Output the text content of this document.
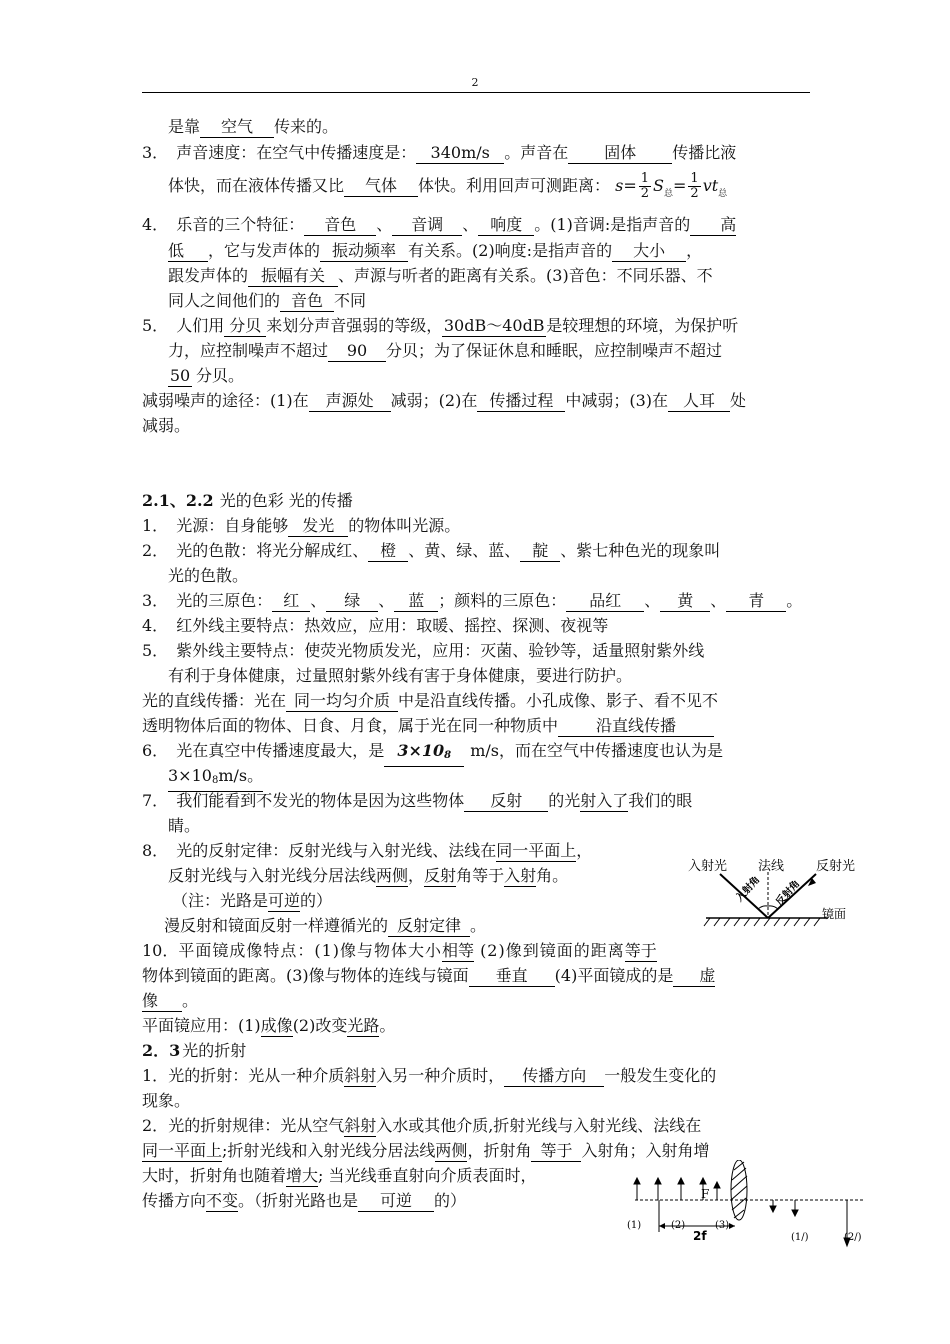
2
是靠 空气 传来的。
3． 声音速度：在空气中传播速度是： 340m/s 。声音在 固体 传播比液
体快，而在液体传播又比 气体 体快。利用回声可测距离： $s= \frac{1}{2} S_总= \frac{1}{2} vt_总$
4． 乐音的三个特征： 音色 、 音调 、 响度 。(1)音调:是指声音的 高
低 ，它与发声体的 振动频率 有关系。(2)响度:是指声音的 大小 ，
跟发声体的 振幅有关 、声源与听者的距离有关系。(3)音色：不同乐器、不
同人之间他们的 音色 不同
5． 人们用 分贝 来划分声音强弱的等级， 30dB～40dB 是较理想的环境，为保护听
力，应控制噪声不超过 90 分贝；为了保证休息和睡眠，应控制噪声不超过
50 分贝。
减弱噪声的途径：(1)在 声源处 减弱；(2)在 传播过程 中减弱；(3)在 人耳 处
减弱。
2.1、2.2 光的色彩 光的传播
1． 光源：自身能够 发光 的物体叫光源。
2． 光的色散：将光分解成红、 橙 、黄、绿、蓝、 靛 、紫七种色光的现象叫
光的色散。
3． 光的三原色： 红 、 绿 、 蓝 ；颜料的三原色： 品红 、 黄 、 青 。
4． 红外线主要特点：热效应，应用：取暖、摇控、探测、夜视等
5． 紫外线主要特点：使荧光物质发光，应用：灭菌、验钞等，适量照射紫外线
有利于身体健康，过量照射紫外线有害于身体健康，要进行防护。
光的直线传播：光在 同一均匀介质 中是沿直线传播。小孔成像、影子、看不见不
透明物体后面的物体、日食、月食，属于光在同一种物质中 沿直线传播
6． 光在真空中传播速度最大，是 3×108 m/s，而在空气中传播速度也认为是
3×108m/s。
7． 我们能看到不发光的物体是因为这些物体 反射 的光射入了我们的眼
睛。
8． 光的反射定律：反射光线与入射光线、法线在同一平面上，
反射光线与入射光线分居法线两侧，反射角等于入射角。
（注：光路是可逆的）
漫反射和镜面反射一样遵循光的 反射定律 。
10．平面镜成像特点：(1)像与物体大小相等 (2)像到镜面的距离等于
物体到镜面的距离。(3)像与物体的连线与镜面 垂直 (4)平面镜成的是 虚
像 。
平面镜应用：(1)成像(2)改变光路。
入射光 法线 反射光
镜面
入射角 反射角
2．3 光的折射
1．光的折射：光从一种介质斜射入另一种介质时， 传播方向 一般发生变化的
现象。
2．光的折射规律：光从空气斜射入水或其他介质,折射光线与入射光线、法线在
同一平面上;折射光线和入射光线分居法线两侧，折射角 等于 入射角；入射角增
大时，折射角也随着增大; 当光线垂直射向介质表面时，
传播方向不变。（折射光路也是 可逆 的）	F
(1)	(2)	(3)
(1/)	(2/)
2f
